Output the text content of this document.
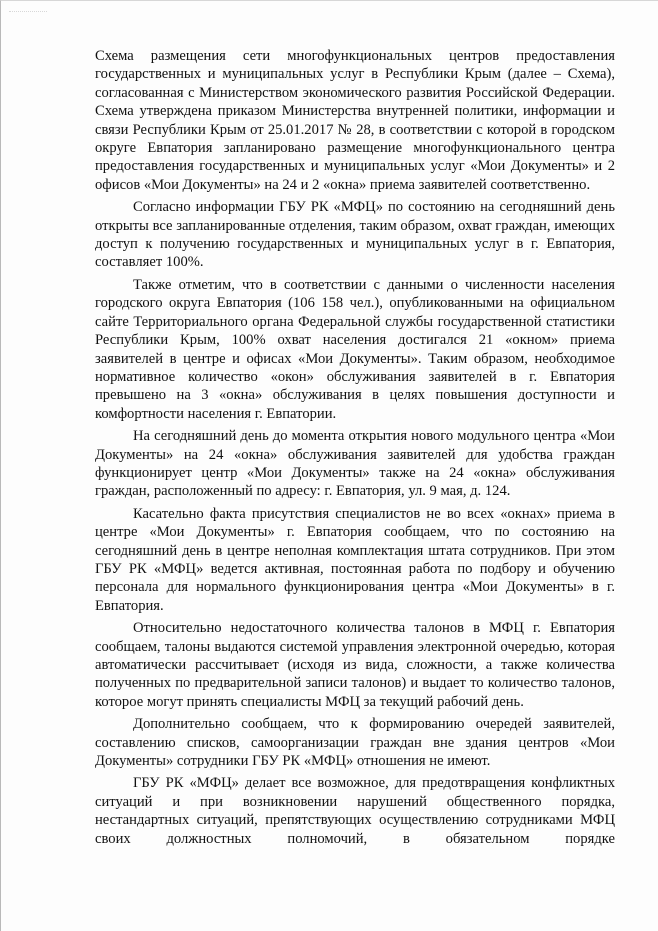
Схема размещения сети многофункциональных центров предоставления государственных и муниципальных услуг в Республики Крым (далее – Схема), согласованная с Министерством экономического развития Российской Федерации. Схема утверждена приказом Министерства внутренней политики, информации и связи Республики Крым от 25.01.2017 № 28, в соответствии с которой в городском округе Евпатория запланировано размещение многофункционального центра предоставления государственных и муниципальных услуг «Мои Документы» и 2 офисов «Мои Документы» на 24 и 2 «окна» приема заявителей соответственно.

Согласно информации ГБУ РК «МФЦ» по состоянию на сегодняшний день открыты все запланированные отделения, таким образом, охват граждан, имеющих доступ к получению государственных и муниципальных услуг в г. Евпатория, составляет 100%.

Также отметим, что в соответствии с данными о численности населения городского округа Евпатория (106 158 чел.), опубликованными на официальном сайте Территориального органа Федеральной службы государственной статистики Республики Крым, 100% охват населения достигался 21 «окном» приема заявителей в центре и офисах «Мои Документы». Таким образом, необходимое нормативное количество «окон» обслуживания заявителей в г. Евпатория превышено на 3 «окна» обслуживания в целях повышения доступности и комфортности населения г. Евпатории.

На сегодняшний день до момента открытия нового модульного центра «Мои Документы» на 24 «окна» обслуживания заявителей для удобства граждан функционирует центр «Мои Документы» также на 24 «окна» обслуживания граждан, расположенный по адресу: г. Евпатория, ул. 9 мая, д. 124.

Касательно факта присутствия специалистов не во всех «окнах» приема в центре «Мои Документы» г. Евпатория сообщаем, что по состоянию на сегодняшний день в центре неполная комплектация штата сотрудников. При этом ГБУ РК «МФЦ» ведется активная, постоянная работа по подбору и обучению персонала для нормального функционирования центра «Мои Документы» в г. Евпатория.

Относительно недостаточного количества талонов в МФЦ г. Евпатория сообщаем, талоны выдаются системой управления электронной очередью, которая автоматически рассчитывает (исходя из вида, сложности, а также количества полученных по предварительной записи талонов) и выдает то количество талонов, которое могут принять специалисты МФЦ за текущий рабочий день.

Дополнительно сообщаем, что к формированию очередей заявителей, составлению списков, самоорганизации граждан вне здания центров «Мои Документы» сотрудники ГБУ РК «МФЦ» отношения не имеют.

ГБУ РК «МФЦ» делает все возможное, для предотвращения конфликтных ситуаций и при возникновении нарушений общественного порядка, нестандартных ситуаций, препятствующих осуществлению сотрудниками МФЦ своих должностных полномочий, в обязательном порядке
